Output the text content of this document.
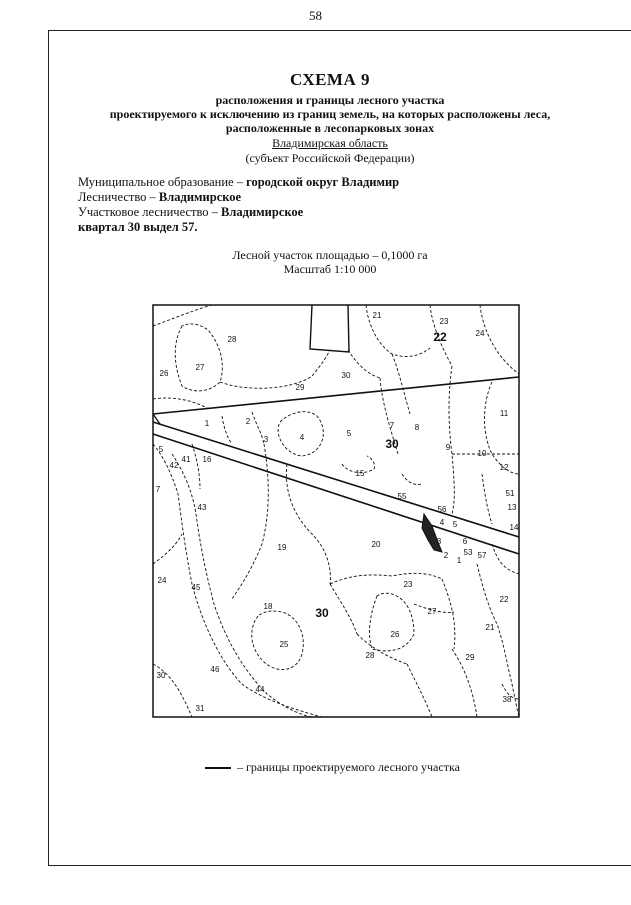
58
СХЕМА 9
расположения и границы лесного участка
проектируемого к исключению из границ земель, на которых расположены леса,
расположенные в лесопарковых зонах
Владимирская область
(субъект Российской Федерации)
Муниципальное образование – городской округ Владимир
Лесничество – Владимирское
Участковое лесничество – Владимирское
квартал 30 выдел 57.
Лесной участок площадью – 0,1000 га
Масштаб 1:10 000
21
23
24
28
27
26
29
30
11
1	2
3	4	5
7	8
9
10
12
5
41 16
42
15
51
7
43
55
13
56
14
4 5
19	20	3	6
2
1
53 57
24	23
45
18
27
26
22
21
25
28	29
30
46
44
38
31
22
30
30
– границы проектируемого лесного участка
